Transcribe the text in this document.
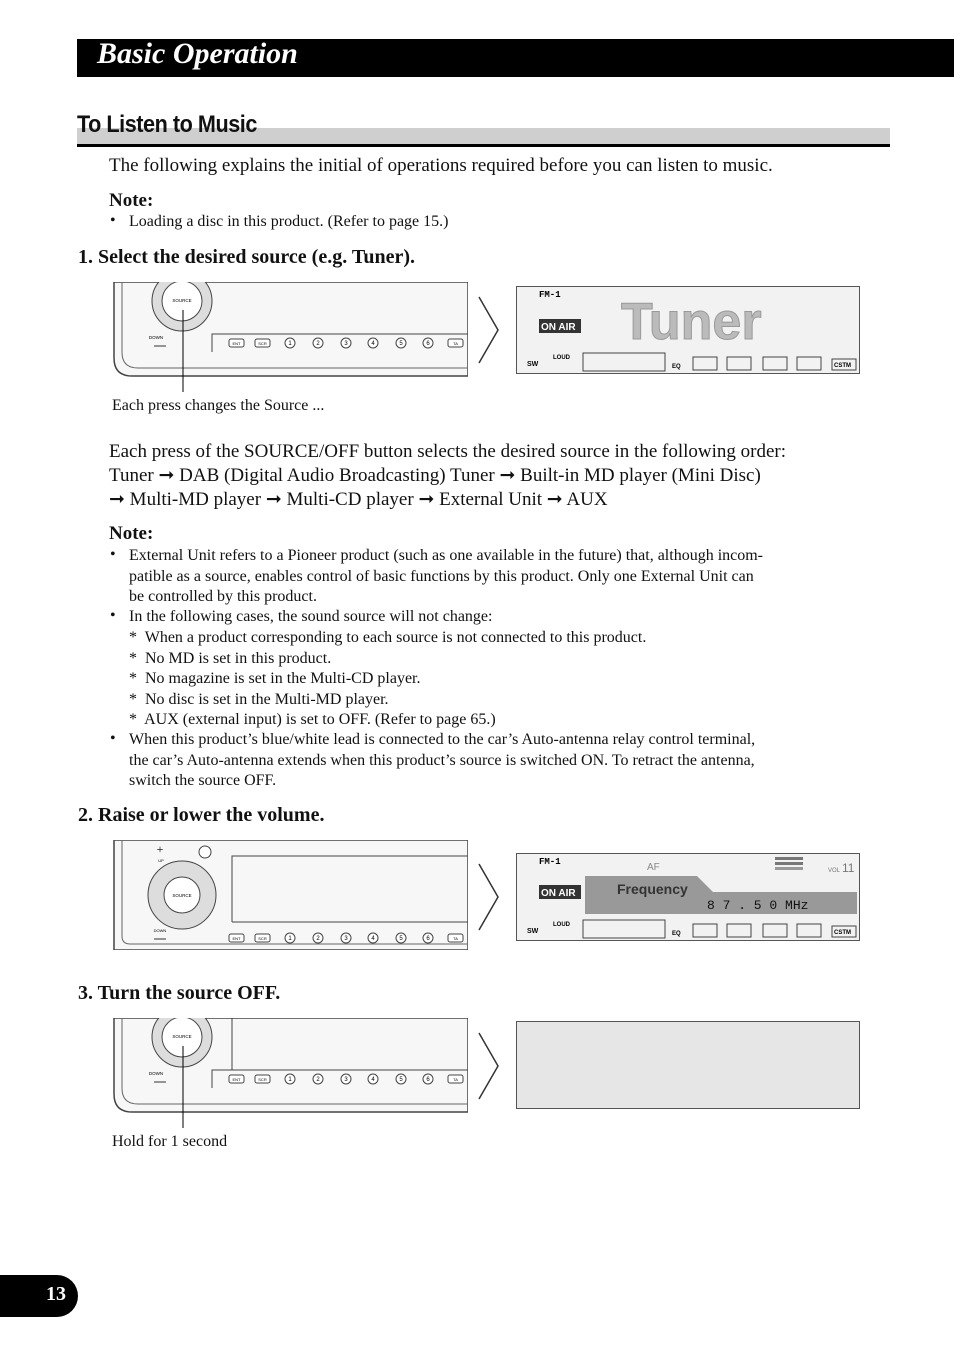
Basic Operation
To Listen to Music
The following explains the initial of operations required before you can listen to music.
Note:
• Loading a disc in this product. (Refer to page 15.)
1. Select the desired source (e.g. Tuner).
SOURCE
DOWN
ENT	SCR	1	2	3	4	5	6	TA
Each press changes the Source ...
FM-1 Tuner
ON AIR
SW
LOUD
EQ	CSTM
Each press of the SOURCE/OFF button selects the desired source in the following order:
Tuner ➞ DAB (Digital Audio Broadcasting) Tuner ➞ Built-in MD player (Mini Disc)
➞ Multi-MD player ➞ Multi-CD player ➞ External Unit ➞ AUX
Note:
• External Unit refers to a Pioneer product (such as one available in the future) that, although incom-
patible as a source, enables control of basic functions by this product. Only one External Unit can
be controlled by this product.
• In the following cases, the sound source will not change:
*  When a product corresponding to each source is not connected to this product.
*  No MD is set in this product.
*  No magazine is set in the Multi-CD player.
*  No disc is set in the Multi-MD player.
*  AUX (external input) is set to OFF. (Refer to page 65.)
• When this product’s blue/white lead is connected to the car’s Auto-antenna relay control terminal,
the car’s Auto-antenna extends when this product’s source is switched ON. To retract the antenna,
switch the source OFF.
2. Raise or lower the volume.
SOURCE
+
UP
DOWN
ENT	SCR	1	2	3	4	5	6	TA
FM-1	AF	VOL 11
Frequency
8 7 . 5 0 MHz
ON AIR
SW
LOUD
EQ	CSTM
3. Turn the source OFF.
SOURCE
DOWN
ENT	SCR	1	2	3	4	5	6	TA
Hold for 1 second
13
